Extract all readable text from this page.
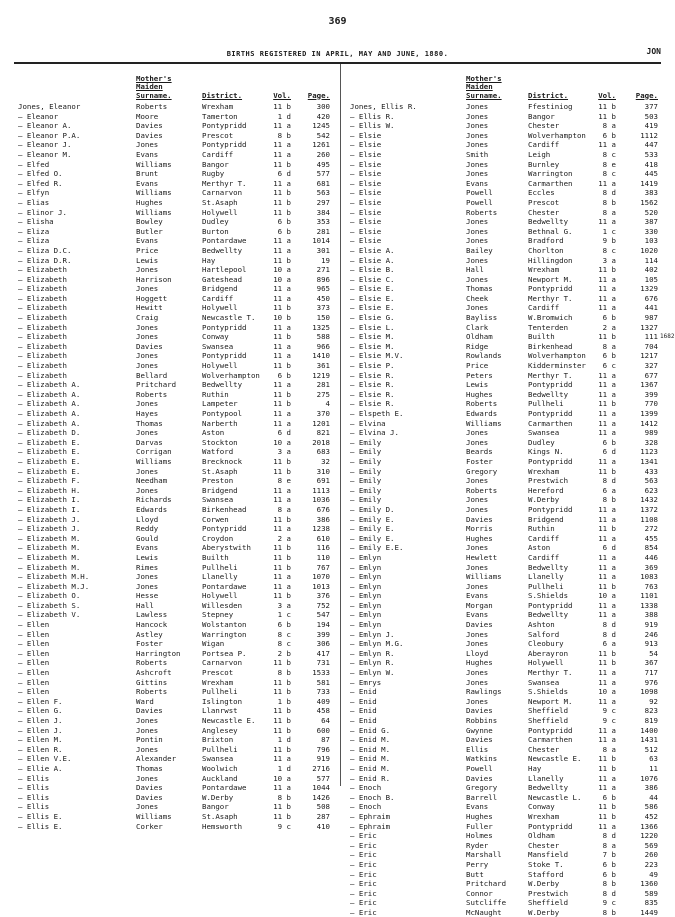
369
BIRTHS REGISTERED IN APRIL, MAY AND JUNE, 1880.	JON
Mother's Maiden Surname.	District.	Vol.	Page.
Jones, Eleanor	Roberts	Wrexham	11 b	300
— Eleanor	Moore	Tamerton	1 d	420
— Eleanor A.	Davies	Pontypridd	11 a	1245
— Eleanor P.A.	Davies	Prescot	8 b	542
— Eleanor J.	Jones	Pontypridd	11 a	1261
— Eleanor M.	Evans	Cardiff	11 a	260
— Elfed	Williams	Bangor	11 b	495
— Elfed O.	Brunt	Rugby	6 d	577
— Elfed R.	Evans	Merthyr T.	11 a	681
— Elfyn	Williams	Carnarvon	11 b	563
— Elias	Hughes	St.Asaph	11 b	297
— Elinor J.	Williams	Holywell	11 b	384
— Elisha	Bowley	Dudley	6 b	353
— Eliza	Butler	Burton	6 b	281
— Eliza	Evans	Pontardawe	11 a	1014
— Eliza D.C.	Price	Bedwellty	11 a	301
— Eliza D.R.	Lewis	Hay	11 b	19
— Elizabeth	Jones	Hartlepool	10 a	271
— Elizabeth	Harrison	Gateshead	10 a	896
— Elizabeth	Jones	Bridgend	11 a	965
— Elizabeth	Hoggett	Cardiff	11 a	450
— Elizabeth	Hewitt	Holywell	11 b	373
— Elizabeth	Craig	Newcastle T.	10 b	150
— Elizabeth	Jones	Pontypridd	11 a	1325
— Elizabeth	Jones	Conway	11 b	588
— Elizabeth	Davies	Swansea	11 a	966
— Elizabeth	Jones	Pontypridd	11 a	1410
— Elizabeth	Jones	Holywell	11 b	361
— Elizabeth	Bellard	Wolverhampton	6 b	1219
— Elizabeth A.	Pritchard	Bedwellty	11 a	281
— Elizabeth A.	Roberts	Ruthin	11 b	275
— Elizabeth A.	Jones	Lampeter	11 b	4
— Elizabeth A.	Hayes	Pontypool	11 a	370
— Elizabeth A.	Thomas	Narberth	11 a	1201
— Elizabeth D.	Jones	Aston	6 d	821
— Elizabeth E.	Darvas	Stockton	10 a	2018
— Elizabeth E.	Corrigan	Watford	3 a	683
— Elizabeth E.	Williams	Brecknock	11 b	32
— Elizabeth E.	Jones	St.Asaph	11 b	310
— Elizabeth F.	Needham	Preston	8 e	691
— Elizabeth H.	Jones	Bridgend	11 a	1113
— Elizabeth I.	Richards	Swansea	11 a	1036
— Elizabeth I.	Edwards	Birkenhead	8 a	676
— Elizabeth J.	Lloyd	Corwen	11 b	386
— Elizabeth J.	Reddy	Pontypridd	11 a	1238
— Elizabeth M.	Gould	Croydon	2 a	610
— Elizabeth M.	Evans	Aberystwith	11 b	116
— Elizabeth M.	Lewis	Builth	11 b	110
— Elizabeth M.	Rimes	Pullheli	11 b	767
— Elizabeth M.H.	Jones	Llanelly	11 a	1070
— Elizabeth M.J.	Jones	Pontardawe	11 a	1013
— Elizabeth O.	Hesse	Holywell	11 b	376
— Elizabeth S.	Hall	Willesden	3 a	752
— Elizabeth V.	Lawless	Stepney	1 c	547
— Ellen	Hancock	Wolstanton	6 b	194
— Ellen	Astley	Warrington	8 c	399
— Ellen	Foster	Wigan	8 c	306
— Ellen	Harrington	Portsea P.	2 b	417
— Ellen	Roberts	Carnarvon	11 b	731
— Ellen	Ashcroft	Prescot	8 b	1533
— Ellen	Gittins	Wrexham	11 b	581
— Ellen	Roberts	Pullheli	11 b	733
— Ellen F.	Ward	Islington	1 b	409
— Ellen G.	Davies	Llanrwst	11 b	458
— Ellen J.	Jones	Newcastle E.	11 b	64
— Ellen J.	Jones	Anglesey	11 b	600
— Ellen M.	Pontin	Brixton	1 d	87
— Ellen R.	Jones	Pullheli	11 b	796
— Ellen V.E.	Alexander	Swansea	11 a	919
— Ellie A.	Thomas	Woolwich	1 d	2716
— Ellis	Jones	Auckland	10 a	577
— Ellis	Davies	Pontardawe	11 a	1044
— Ellis	Davies	W.Derby	8 b	1426
— Ellis	Jones	Bangor	11 b	508
— Ellis E.	Williams	St.Asaph	11 b	287
— Ellis E.	Corker	Hemsworth	9 c	410
Mother's Maiden Surname.	District.	Vol.	Page.
Jones, Ellis R.	Jones	Ffestiniog	11 b	377
— Ellis R.	Jones	Bangor	11 b	503
— Ellis W.	Jones	Chester	8 a	419
— Elsie	Jones	Wolverhampton	6 b	1112
— Elsie	Jones	Cardiff	11 a	447
— Elsie	Smith	Leigh	8 c	533
— Elsie	Jones	Burnley	8 e	418
— Elsie	Jones	Warrington	8 c	445
— Elsie	Evans	Carmarthen	11 a	1419
— Elsie	Powell	Eccles	8 d	383
— Elsie	Powell	Prescot	8 b	1562
— Elsie	Roberts	Chester	8 a	520
— Elsie	Jones	Bedwellty	11 a	387
— Elsie	Jones	Bethnal G.	1 c	330
— Elsie	Jones	Bradford	9 b	103
— Elsie A.	Bailey	Chorlton	8 c	1020
— Elsie A.	Jones	Hillingdon	3 a	114
— Elsie B.	Hall	Wrexham	11 b	402
— Elsie C.	Jones	Newport M.	11 a	105
— Elsie E.	Thomas	Pontypridd	11 a	1329
— Elsie E.	Cheek	Merthyr T.	11 a	676
— Elsie E.	Jones	Cardiff	11 a	441
— Elsie G.	Bayliss	W.Bromwich	6 b	987
— Elsie L.	Clark	Tenterden	2 a	1327
— Elsie M.	Oldham	Builth	11 b	111
— Elsie M.	Ridge	Birkenhead	8 a	704
— Elsie M.V.	Rowlands	Wolverhampton	6 b	1217
— Elsie P.	Price	Kidderminster	6 c	327
— Elsie R.	Peters	Merthyr T.	11 a	677
— Elsie R.	Lewis	Pontypridd	11 a	1367
— Elsie R.	Hughes	Bedwellty	11 a	399
— Elsie R.	Roberts	Pullheli	11 b	770
— Elspeth E.	Edwards	Pontypridd	11 a	1399
— Elvina	Williams	Carmarthen	11 a	1412
— Elvina J.	Jones	Swansea	11 a	989
— Emily	Jones	Dudley	6 b	328
— Emily	Beards	Kings N.	6 d	1123
— Emily	Foster	Pontypridd	11 a	1341
— Emily	Gregory	Wrexham	11 b	433
— Emily	Jones	Prestwich	8 d	563
— Emily	Roberts	Hereford	6 a	623
— Emily	Jones	W.Derby	8 b	1432
— Emily D.	Jones	Pontypridd	11 a	1372
— Emily E.	Davies	Bridgend	11 a	1108
— Emily E.	Morris	Ruthin	11 b	272
— Emily E.	Hughes	Cardiff	11 a	455
— Emily E.E.	Jones	Aston	6 d	854
— Emlyn	Hewlett	Cardiff	11 a	446
— Emlyn	Jones	Bedwellty	11 a	369
— Emlyn	Williams	Llanelly	11 a	1083
— Emlyn	Jones	Pullheli	11 b	763
— Emlyn	Evans	S.Shields	10 a	1101
— Emlyn	Morgan	Pontypridd	11 a	1338
— Emlyn	Evans	Bedwellty	11 a	388
— Emlyn	Davies	Ashton	8 d	919
— Emlyn J.	Jones	Salford	8 d	246
— Emlyn M.G.	Jones	Cleobury	6 a	913
— Emlyn R.	Lloyd	Aberayron	11 b	54
— Emlyn R.	Hughes	Holywell	11 b	367
— Emlyn W.	Jones	Merthyr T.	11 a	717
— Emrys	Jones	Swansea	11 a	976
— Enid	Rawlings	S.Shields	10 a	1098
— Enid	Jones	Newport M.	11 a	92
— Enid	Davies	Sheffield	9 c	823
— Enid	Robbins	Sheffield	9 c	819
— Enid G.	Gwynne	Pontypridd	11 a	1400
— Enid M.	Davies	Carmarthen	11 a	1431
— Enid M.	Ellis	Chester	8 a	512
— Enid M.	Watkins	Newcastle E.	11 b	63
— Enid M.	Powell	Hay	11 b	11
— Enid R.	Davies	Llanelly	11 a	1076
— Enoch	Gregory	Bedwellty	11 a	386
— Enoch B.	Barrell	Newcastle L.	6 b	44
— Enoch	Evans	Conway	11 b	586
— Ephraim	Hughes	Wrexham	11 b	452
— Ephraim	Fuller	Pontypridd	11 a	1366
— Eric	Holmes	Oldham	8 d	1220
— Eric	Ryder	Chester	8 a	569
— Eric	Marshall	Mansfield	7 b	260
— Eric	Perry	Stoke T.	6 b	223
— Eric	Butt	Stafford	6 b	49
— Eric	Pritchard	W.Derby	8 b	1360
— Eric	Connor	Prestwich	8 d	589
— Eric	Sutcliffe	Sheffield	9 c	835
— Eric	McNaught	W.Derby	8 b	1449
1682
